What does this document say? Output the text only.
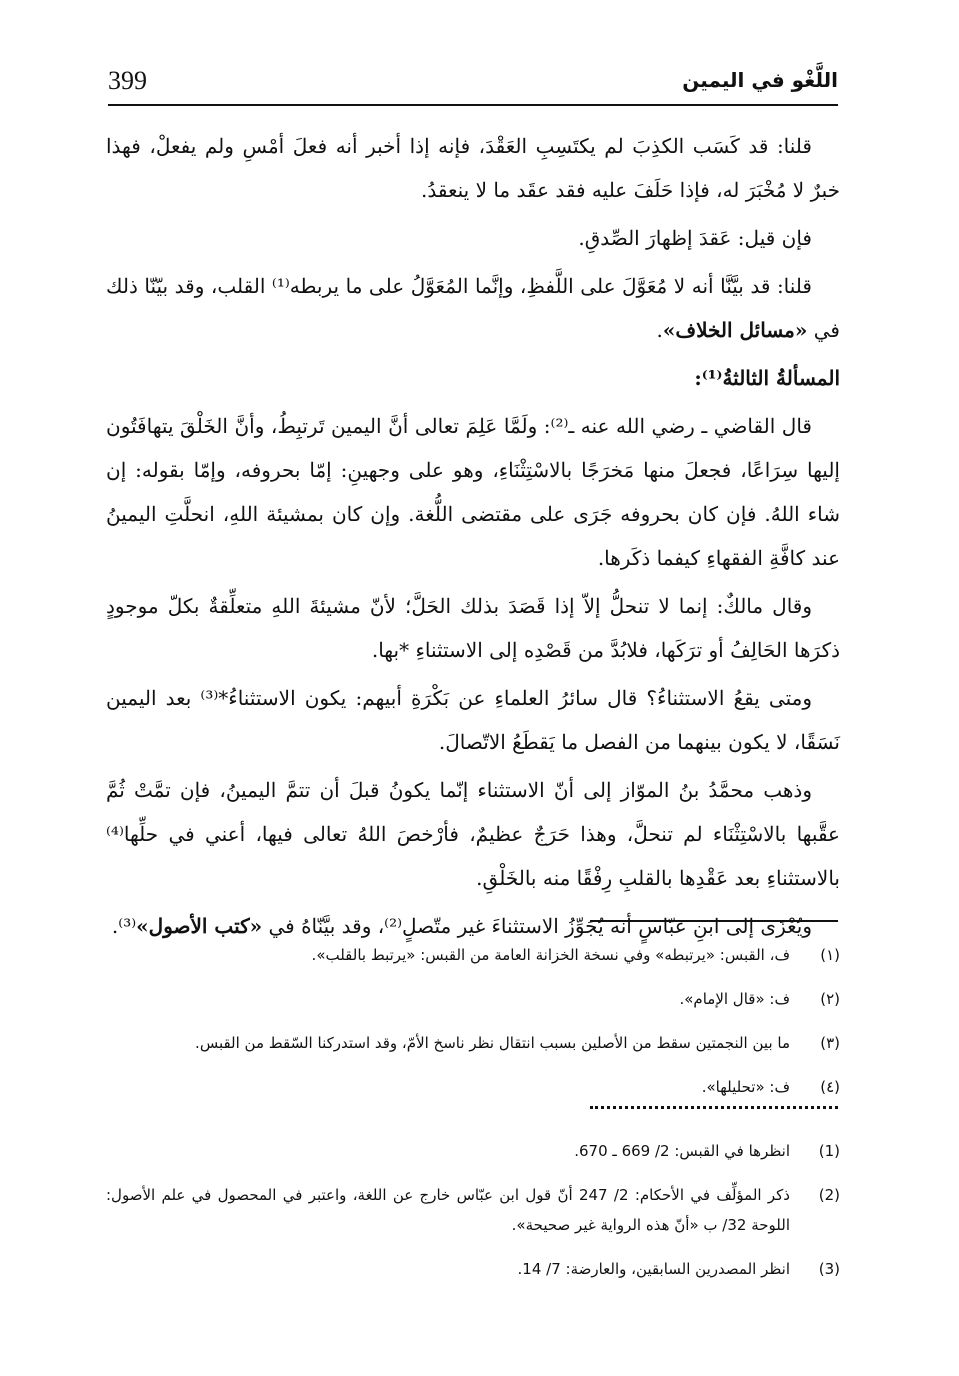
399	اللَّغْو في اليمين

قلنا: قد كَسَب الكذِبَ لم يكتَسِبِ العَقْدَ، فإنه إذا أخبر أنه فعلَ أمْسِ ولم يفعلْ، فهذا خبرٌ لا مُخْبَرَ له، فإذا حَلَفَ عليه فقد عقَد ما لا ينعقدُ.

فإن قيل: عَقدَ إظهارَ الصِّدقِ.

قلنا: قد بيَّنَّا أنه لا مُعَوَّلَ على اللَّفظِ، وإنَّما المُعَوَّلُ على ما يربطه⁽¹⁾ القلب، وقد بيّنّا ذلك في «مسائل الخلاف».

المسألةُ الثالثةُ⁽¹⁾:

قال القاضي ـ رضي الله عنه ـ⁽²⁾: ولَمَّا عَلِمَ تعالى أنَّ اليمين تَرتبِطُ، وأنَّ الخَلْقَ يتهافَتُون إليها سِرَاعًا، فجعلَ منها مَخرَجًا بالاسْتِثْنَاءِ، وهو على وجهينِ: إمّا بحروفه، وإمّا بقوله: إن شاء اللهُ. فإن كان بحروفه جَرَى على مقتضى اللُّغة. وإن كان بمشيئة اللهِ، انحلَّتِ اليمينُ عند كافَّةِ الفقهاءِ كيفما ذكَرها.

وقال مالكٌ: إنما لا تنحلُّ إلاّ إذا قَصَدَ بذلك الحَلَّ؛ لأنّ مشيئةَ اللهِ متعلِّقةٌ بكلّ موجودٍ ذكرَها الحَالِفُ أو ترَكَها، فلابُدَّ من قَصْدِه إلى الاستثناءِ *بها.

ومتى يقعُ الاستثناءُ؟ قال سائرُ العلماءِ عن بَكْرَةِ أبيهم: يكون الاستثناءُ*⁽³⁾ بعد اليمين نَسَقًا، لا يكون بينهما من الفصل ما يَقطَعُ الاتّصالَ.

وذهب محمَّدُ بنُ الموّاز إلى أنّ الاستثناء إنّما يكونُ قبلَ أن تتمَّ اليمينُ، فإن تمَّتْ ثُمَّ عقَّبها بالاسْتِثْنَاء لم تنحلَّ، وهذا حَرَجٌ عظيمٌ، فأرْخصَ اللهُ تعالى فيها، أعني في حلِّها⁽⁴⁾ بالاستثناءِ بعد عَقْدِها بالقلبِ رِفْقًا منه بالخَلْقِ.

ويُعْزَى إلى ابنِ عبّاسٍ أنه يُجَوِّزُ الاستثناءَ غير متّصلٍ⁽²⁾، وقد بيَّنّاهُ في «كتب الأصول»⁽³⁾.

(١)
ف، القبس: «يرتبطه» وفي نسخة الخزانة العامة من القبس: «يرتبط بالقلب».
(٢)
ف: «قال الإمام».
(٣)
ما بين النجمتين سقط من الأصلين بسبب انتقال نظر ناسخ الأمّ، وقد استدركنا السّقط من القبس.
(٤)
ف: «تحليلها».
(1)
انظرها في القبس: 2/ 669 ـ 670.
(2)
ذكر المؤلِّف في الأحكام: 2/ 247 أنّ قول ابن عبّاس خارج عن اللغة، واعتبر في المحصول في علم الأصول: اللوحة 32/ ب «أنّ هذه الرواية غير صحيحة».
(3)
انظر المصدرين السابقين، والعارضة: 7/ 14.
